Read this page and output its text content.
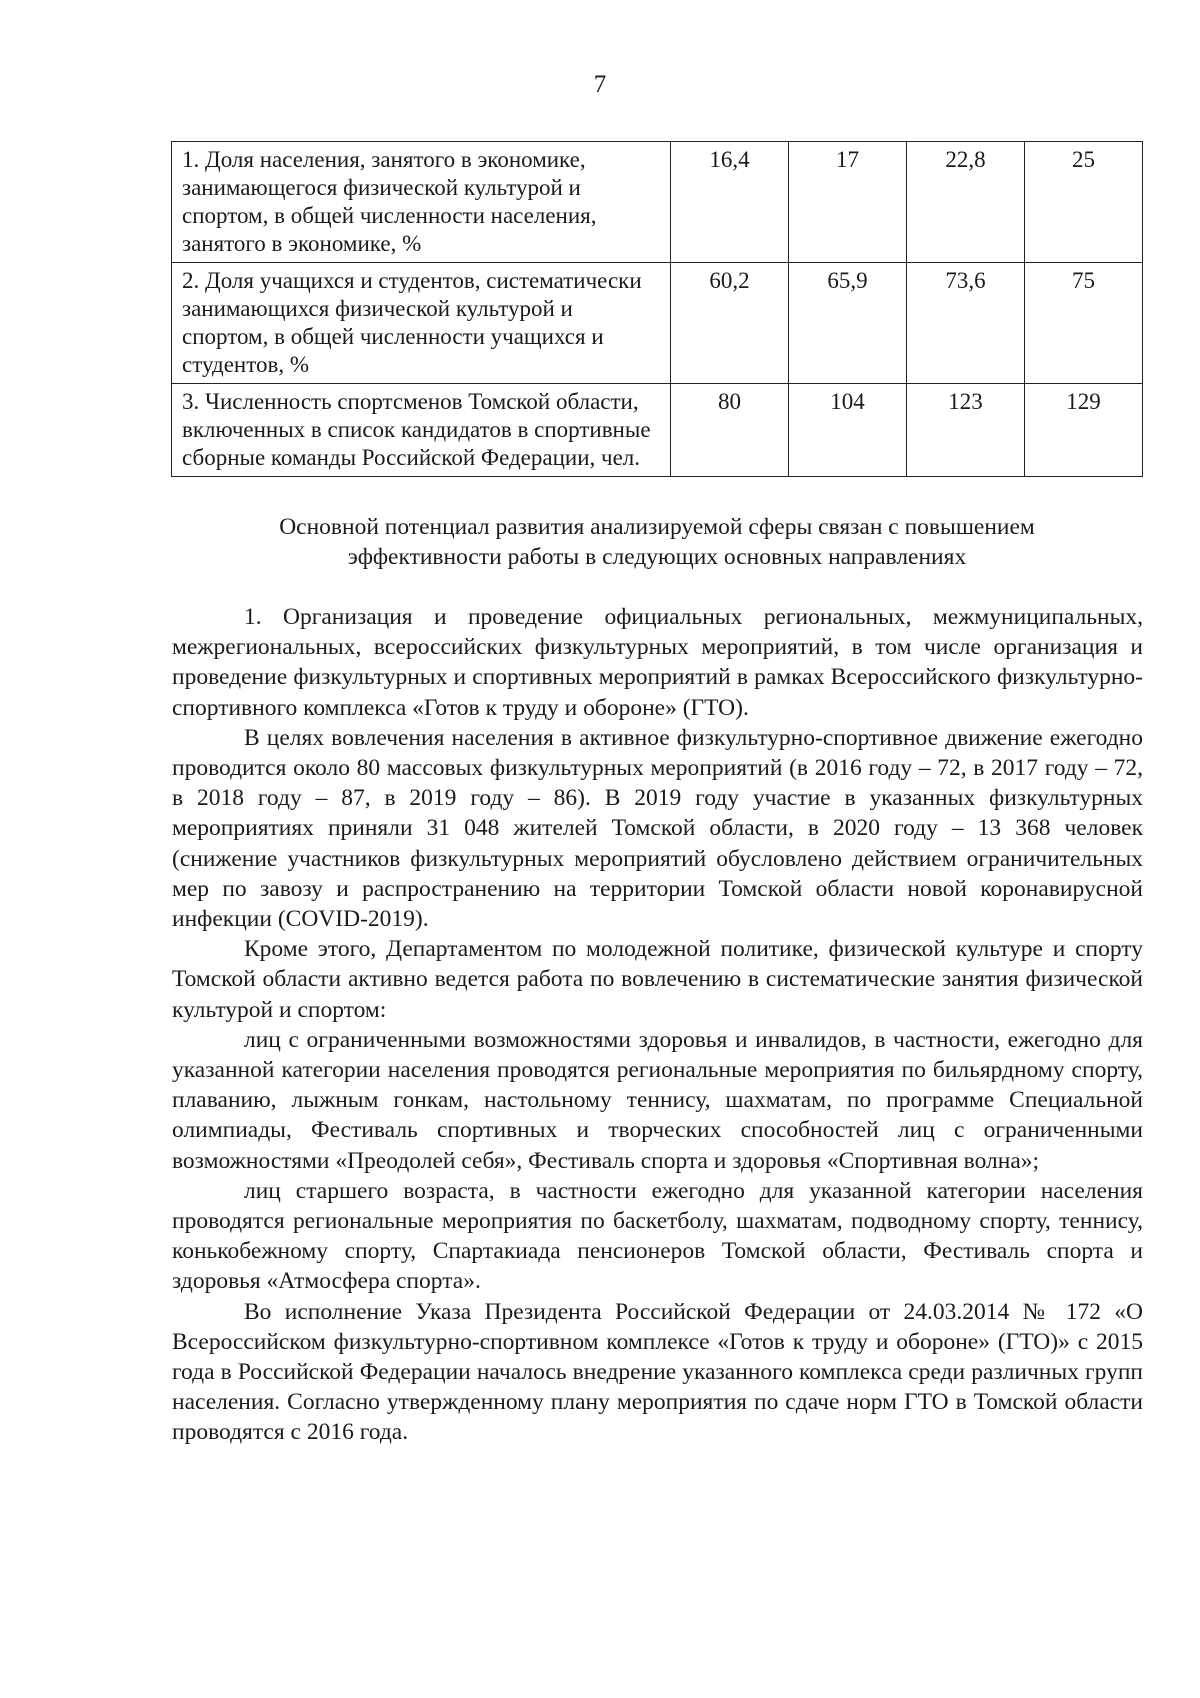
7
1. Доля населения, занятого в экономике, занимающегося физической культурой и спортом, в общей численности населения, занятого в экономике, %	16,4	17	22,8	25
2. Доля учащихся и студентов, систематически занимающихся физической культурой и спортом, в общей численности учащихся и студентов, %	60,2	65,9	73,6	75
3. Численность спортсменов Томской области, включенных в список кандидатов в спортивные сборные команды Российской Федерации, чел.	80	104	123	129
Основной потенциал развития анализируемой сферы связан с повышением
эффективности работы в следующих основных направлениях

1. Организация и проведение официальных региональных, межмуниципальных, межрегиональных, всероссийских физкультурных мероприятий, в том числе организация и проведение физкультурных и спортивных мероприятий в рамках Всероссийского физкультурно-спортивного комплекса «Готов к труду и обороне» (ГТО).

В целях вовлечения населения в активное физкультурно-спортивное движение ежегодно проводится около 80 массовых физкультурных мероприятий (в 2016 году – 72, в 2017 году – 72, в 2018 году – 87, в 2019 году – 86). В 2019 году участие в указанных физкультурных мероприятиях приняли 31 048 жителей Томской области, в 2020 году – 13 368 человек (снижение участников физкультурных мероприятий обусловлено действием ограничительных мер по завозу и распространению на территории Томской области новой коронавирусной инфекции (COVID-2019).

Кроме этого, Департаментом по молодежной политике, физической культуре и спорту Томской области активно ведется работа по вовлечению в систематические занятия физической культурой и спортом:

лиц с ограниченными возможностями здоровья и инвалидов, в частности, ежегодно для указанной категории населения проводятся региональные мероприятия по бильярдному спорту, плаванию, лыжным гонкам, настольному теннису, шахматам, по программе Специальной олимпиады, Фестиваль спортивных и творческих способностей лиц с ограниченными возможностями «Преодолей себя», Фестиваль спорта и здоровья «Спортивная волна»;

лиц старшего возраста, в частности ежегодно для указанной категории населения проводятся региональные мероприятия по баскетболу, шахматам, подводному спорту, теннису, конькобежному спорту, Спартакиада пенсионеров Томской области, Фестиваль спорта и здоровья «Атмосфера спорта».

Во исполнение Указа Президента Российской Федерации от 24.03.2014 № 172 «О Всероссийском физкультурно-спортивном комплексе «Готов к труду и обороне» (ГТО)» с 2015 года в Российской Федерации началось внедрение указанного комплекса среди различных групп населения. Согласно утвержденному плану мероприятия по сдаче норм ГТО в Томской области проводятся с 2016 года.
